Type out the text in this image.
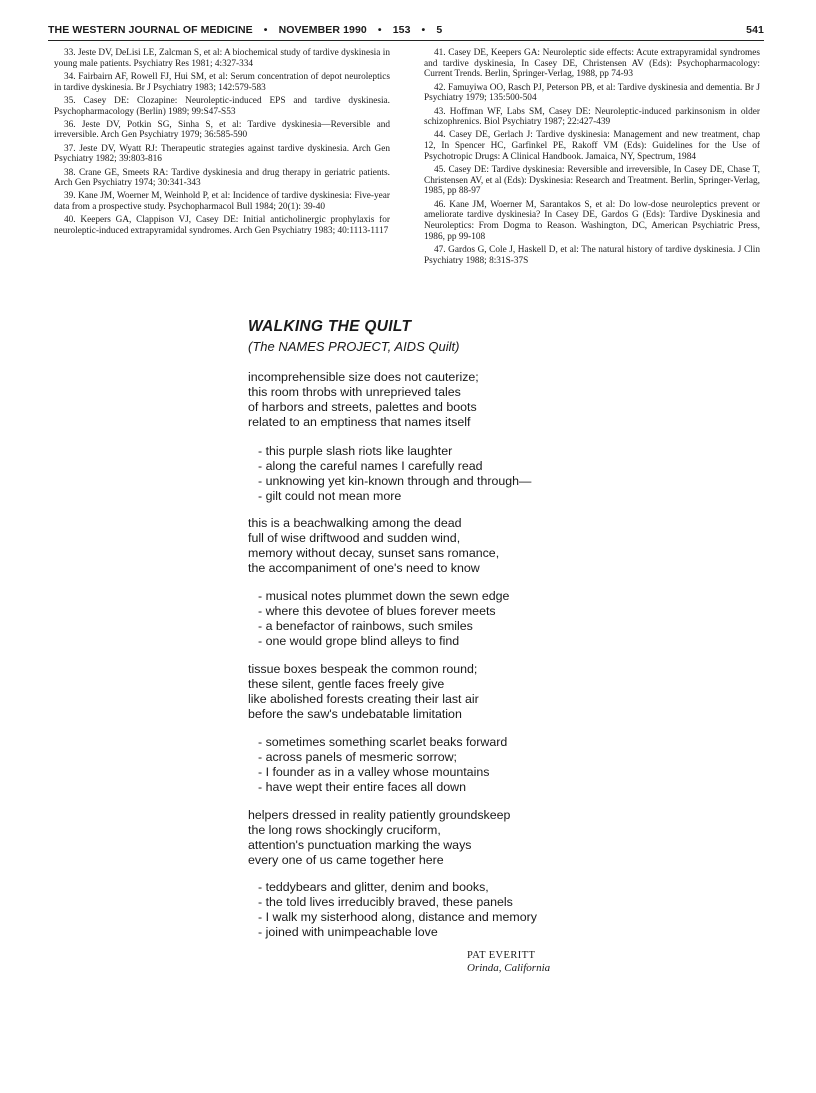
THE WESTERN JOURNAL OF MEDICINE • NOVEMBER 1990 • 153 • 5	541

33. Jeste DV, DeLisi LE, Zalcman S, et al: A biochemical study of tardive dyskinesia in young male patients. Psychiatry Res 1981; 4:327-334

34. Fairbairn AF, Rowell FJ, Hui SM, et al: Serum concentration of depot neuroleptics in tardive dyskinesia. Br J Psychiatry 1983; 142:579-583

35. Casey DE: Clozapine: Neuroleptic-induced EPS and tardive dyskinesia. Psychopharmacology (Berlin) 1989; 99:S47-S53

36. Jeste DV, Potkin SG, Sinha S, et al: Tardive dyskinesia—Reversible and irreversible. Arch Gen Psychiatry 1979; 36:585-590

37. Jeste DV, Wyatt RJ: Therapeutic strategies against tardive dyskinesia. Arch Gen Psychiatry 1982; 39:803-816

38. Crane GE, Smeets RA: Tardive dyskinesia and drug therapy in geriatric patients. Arch Gen Psychiatry 1974; 30:341-343

39. Kane JM, Woerner M, Weinhold P, et al: Incidence of tardive dyskinesia: Five-year data from a prospective study. Psychopharmacol Bull 1984; 20(1): 39-40

40. Keepers GA, Clappison VJ, Casey DE: Initial anticholinergic prophylaxis for neuroleptic-induced extrapyramidal syndromes. Arch Gen Psychiatry 1983; 40:1113-1117

41. Casey DE, Keepers GA: Neuroleptic side effects: Acute extrapyramidal syndromes and tardive dyskinesia, In Casey DE, Christensen AV (Eds): Psychopharmacology: Current Trends. Berlin, Springer-Verlag, 1988, pp 74-93

42. Famuyiwa OO, Rasch PJ, Peterson PB, et al: Tardive dyskinesia and dementia. Br J Psychiatry 1979; 135:500-504

43. Hoffman WF, Labs SM, Casey DE: Neuroleptic-induced parkinsonism in older schizophrenics. Biol Psychiatry 1987; 22:427-439

44. Casey DE, Gerlach J: Tardive dyskinesia: Management and new treatment, chap 12, In Spencer HC, Garfinkel PE, Rakoff VM (Eds): Guidelines for the Use of Psychotropic Drugs: A Clinical Handbook. Jamaica, NY, Spectrum, 1984

45. Casey DE: Tardive dyskinesia: Reversible and irreversible, In Casey DE, Chase T, Christensen AV, et al (Eds): Dyskinesia: Research and Treatment. Berlin, Springer-Verlag, 1985, pp 88-97

46. Kane JM, Woerner M, Sarantakos S, et al: Do low-dose neuroleptics prevent or ameliorate tardive dyskinesia? In Casey DE, Gardos G (Eds): Tardive Dyskinesia and Neuroleptics: From Dogma to Reason. Washington, DC, American Psychiatric Press, 1986, pp 99-108

47. Gardos G, Cole J, Haskell D, et al: The natural history of tardive dyskinesia. J Clin Psychiatry 1988; 8:31S-37S

WALKING THE QUILT
(The NAMES PROJECT, AIDS Quilt)
incomprehensible size does not cauterize;
this room throbs with unreprieved tales
of harbors and streets, palettes and boots
related to an emptiness that names itself
- this purple slash riots like laughter
- along the careful names I carefully read
- unknowing yet kin-known through and through—
- gilt could not mean more
this is a beachwalking among the dead
full of wise driftwood and sudden wind,
memory without decay, sunset sans romance,
the accompaniment of one's need to know
- musical notes plummet down the sewn edge
- where this devotee of blues forever meets
- a benefactor of rainbows, such smiles
- one would grope blind alleys to find
tissue boxes bespeak the common round;
these silent, gentle faces freely give
like abolished forests creating their last air
before the saw's undebatable limitation
- sometimes something scarlet beaks forward
- across panels of mesmeric sorrow;
- I founder as in a valley whose mountains
- have wept their entire faces all down
helpers dressed in reality patiently groundskeep
the long rows shockingly cruciform,
attention's punctuation marking the ways
every one of us came together here
- teddybears and glitter, denim and books,
- the told lives irreducibly braved, these panels
- I walk my sisterhood along, distance and memory
- joined with unimpeachable love
PAT EVERITT
Orinda, California
